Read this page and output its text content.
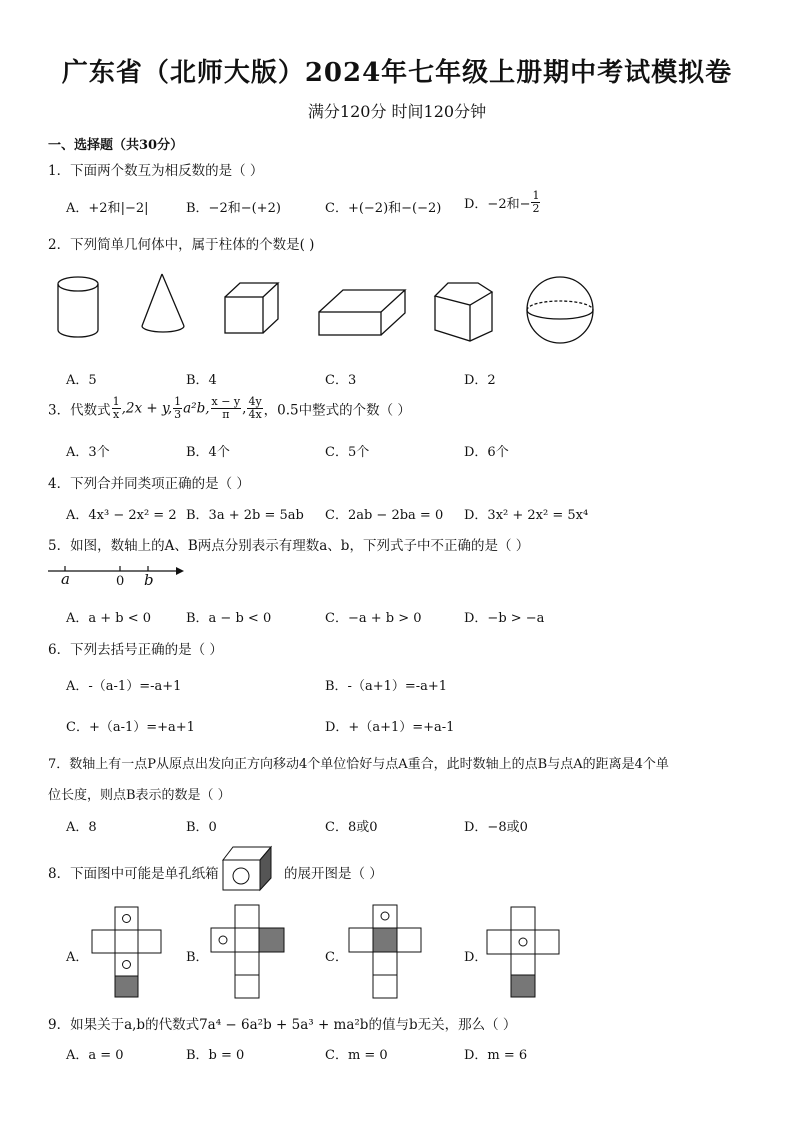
广东省（北师大版）2024年七年级上册期中考试模拟卷
满分120分 时间120分钟
一、选择题（共30分）
1．下面两个数互为相反数的是（ ）
A．+2和|−2|	B．−2和−(+2)	C．+(−2)和−(−2) D．−2和− $\frac{1}{2}$
2．下列简单几何体中，属于柱体的个数是( )
A．5	B．4	C．3	D．2
3．代数式 $\frac{1}{x} ,2x + y$, $\frac{1}{3} a^2b$, $\frac{x - y}{\pi}$ , $\frac{4y}{4x}$ ，0.5中整式的个数（ ）
A．3个	B．4个	C．5个	D．6个
4．下列合并同类项正确的是（ ）
A．4x³ − 2x² = 2 B．3a + 2b = 5ab C．2ab − 2ba = 0 D．3x² + 2x² = 5x⁴
5．如图，数轴上的A、B两点分别表示有理数a、b，下列式子中不正确的是（ ）
a	0 b
A．a + b < 0	B．a − b < 0	C．−a + b > 0	D．−b > −a
6．下列去括号正确的是（ ）
A．-（a-1）=-a+1	B．-（a+1）=-a+1
C．+（a-1）=+a+1	D．+（a+1）=+a-1
7．数轴上有一点P从原点出发向正方向移动4个单位恰好与点A重合，此时数轴上的点B与点A的距离是4个单
位长度，则点B表示的数是（ ）
A．8	B．0	C．8或0	D．−8或0
8．下面图中可能是单孔纸箱	的展开图是（ ）
A．	B．	C．	D．
9．如果关于a,b的代数式7a⁴ − 6a²b + 5a³ + ma²b的值与b无关，那么（ ）
A．a = 0	B．b = 0	C．m = 0	D．m = 6
